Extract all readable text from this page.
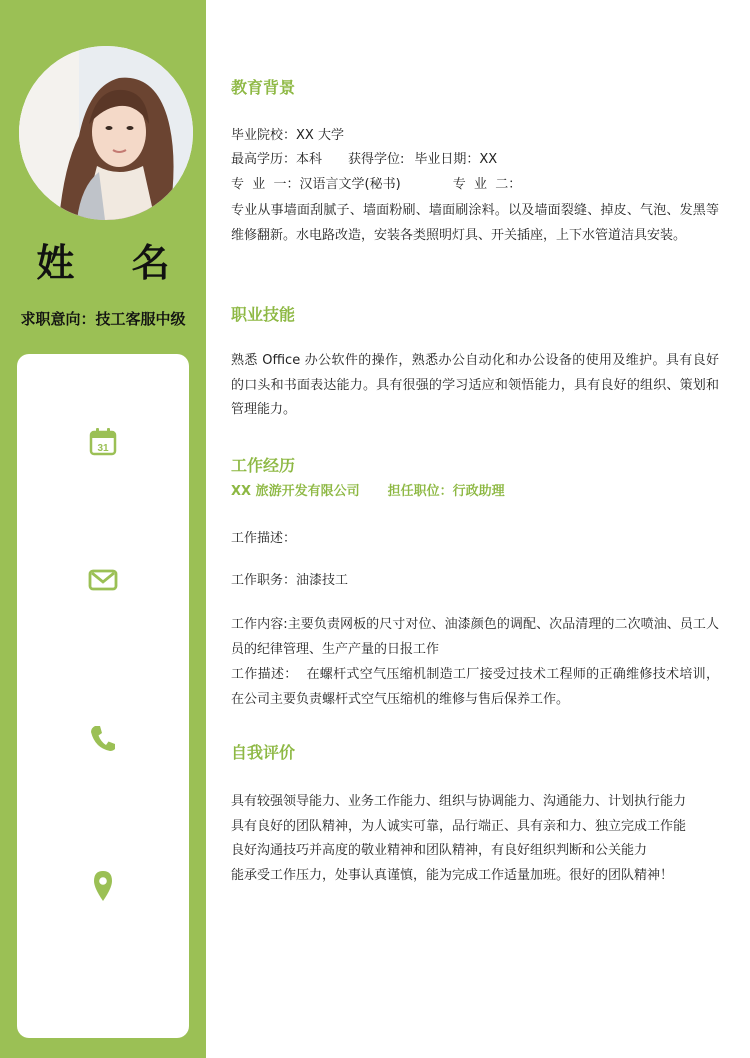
姓 名
求职意向：技工客服中级
31
教育背景
毕业院校：XX 大学
最高学历：本科 获得学位: 毕业日期：XX
专  业  一：汉语言文学(秘书)	专  业  二：
专业从事墙面刮腻子、墙面粉刷、墙面刷涂料。以及墙面裂缝、掉皮、气泡、发黑等维修翻新。水电路改造，安装各类照明灯具、开关插座，上下水管道洁具安装。
职业技能
熟悉 Office 办公软件的操作，熟悉办公自动化和办公设备的使用及维护。具有良好的口头和书面表达能力。具有很强的学习适应和领悟能力，具有良好的组织、策划和管理能力。
工作经历
XX 旅游开发有限公司 担任职位：行政助理
工作描述：
工作职务：油漆技工
工作内容:主要负责网板的尺寸对位、油漆颜色的调配、次品清理的二次喷油、员工人员的纪律管理、生产产量的日报工作
工作描述：  在螺杆式空气压缩机制造工厂接受过技术工程师的正确维修技术培训，在公司主要负责螺杆式空气压缩机的维修与售后保养工作。
自我评价
具有较强领导能力、业务工作能力、组织与协调能力、沟通能力、计划执行能力
具有良好的团队精神，为人诚实可靠，品行端正、具有亲和力、独立完成工作能
良好沟通技巧并高度的敬业精神和团队精神，有良好组织判断和公关能力
能承受工作压力，处事认真谨慎，能为完成工作适量加班。很好的团队精神！
